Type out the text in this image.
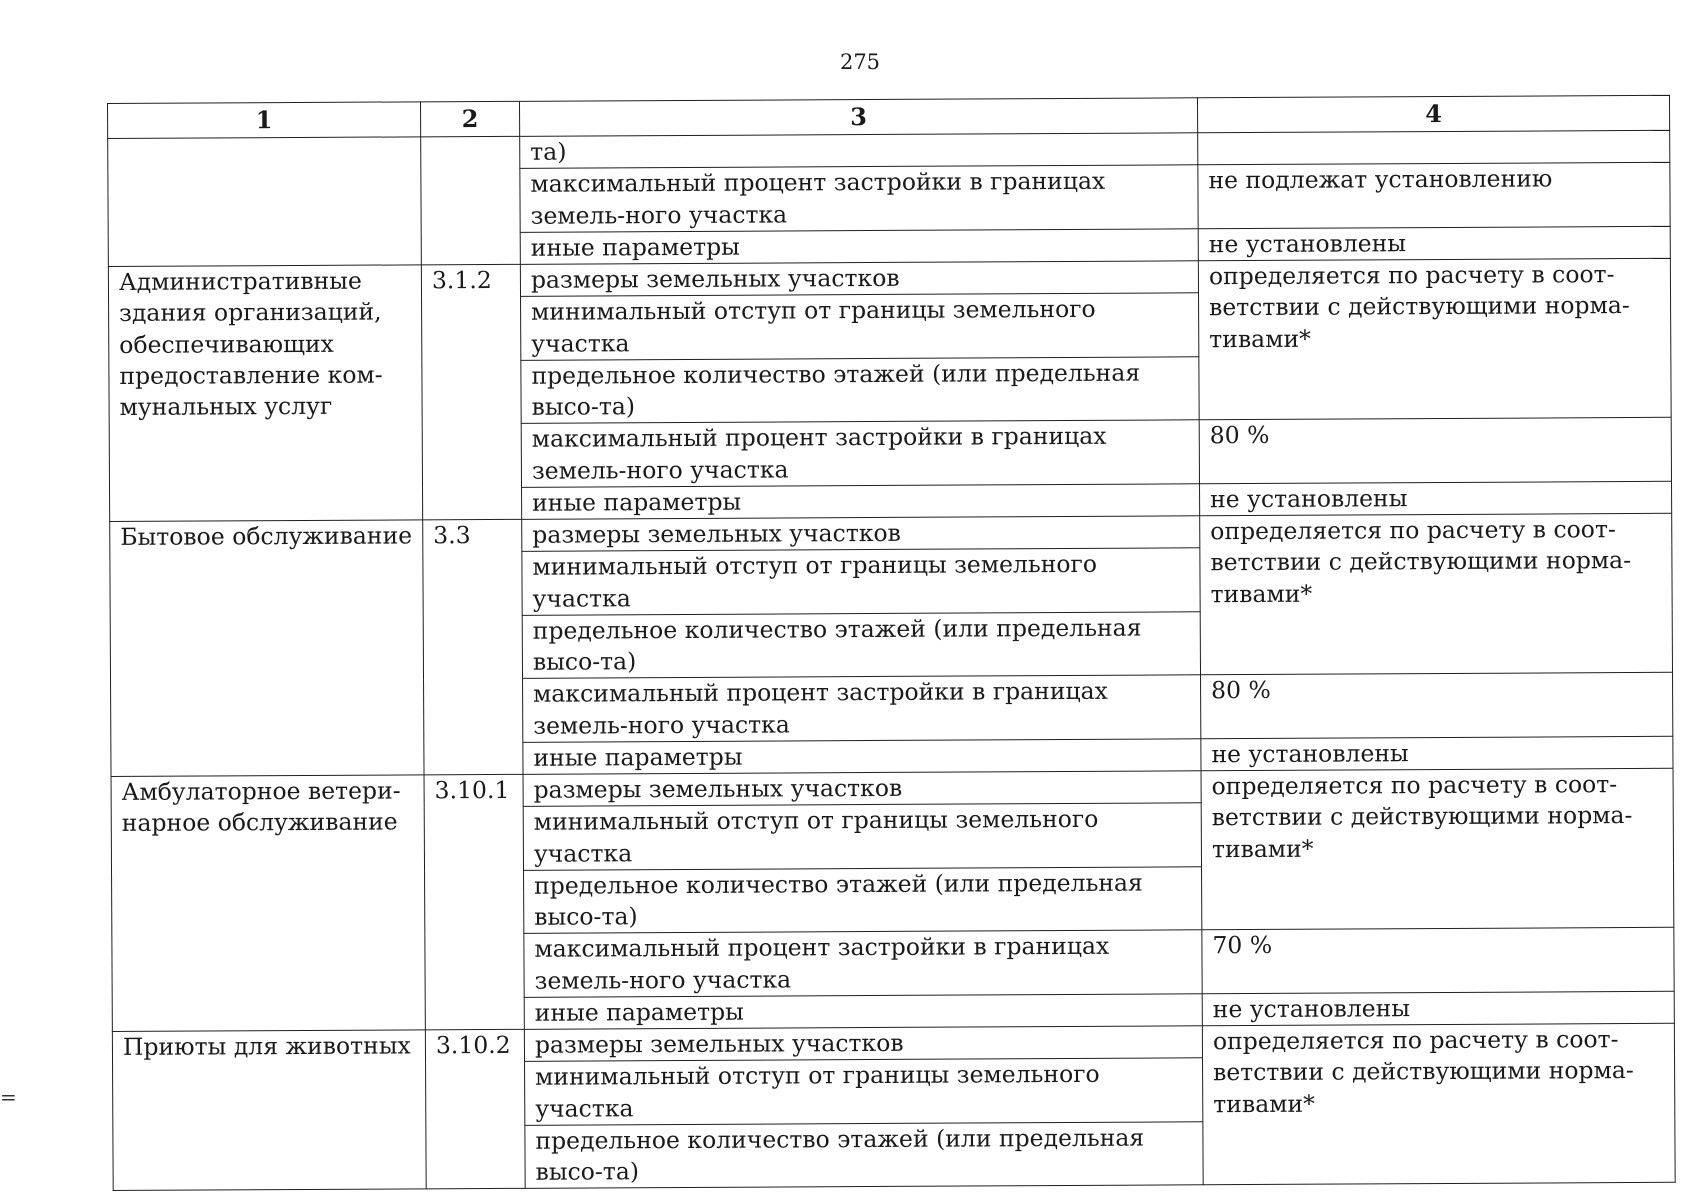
275
=
1	2	3	4
		та)	
		максимальный процент застройки в границах земель-ного участка	не подлежат установлению
		иные параметры	не установлены
Административные здания организаций, обеспечивающих предоставление ком-мунальных услуг	3.1.2	размеры земельных участков	определяется по расчету в соот-ветствии с действующими норма-тивами*
		минимальный отступ от границы земельного участка	
		предельное количество этажей (или предельная высо-та)	
		максимальный процент застройки в границах земель-ного участка	80 %
		иные параметры	не установлены
Бытовое обслуживание	3.3	размеры земельных участков	определяется по расчету в соот-ветствии с действующими норма-тивами*
		минимальный отступ от границы земельного участка	
		предельное количество этажей (или предельная высо-та)	
		максимальный процент застройки в границах земель-ного участка	80 %
		иные параметры	не установлены
Амбулаторное ветери-нарное обслуживание	3.10.1	размеры земельных участков	определяется по расчету в соот-ветствии с действующими норма-тивами*
		минимальный отступ от границы земельного участка	
		предельное количество этажей (или предельная высо-та)	
		максимальный процент застройки в границах земель-ного участка	70 %
		иные параметры	не установлены
Приюты для животных	3.10.2	размеры земельных участков	определяется по расчету в соот-ветствии с действующими норма-тивами*
		минимальный отступ от границы земельного участка	
		предельное количество этажей (или предельная высо-та)	
